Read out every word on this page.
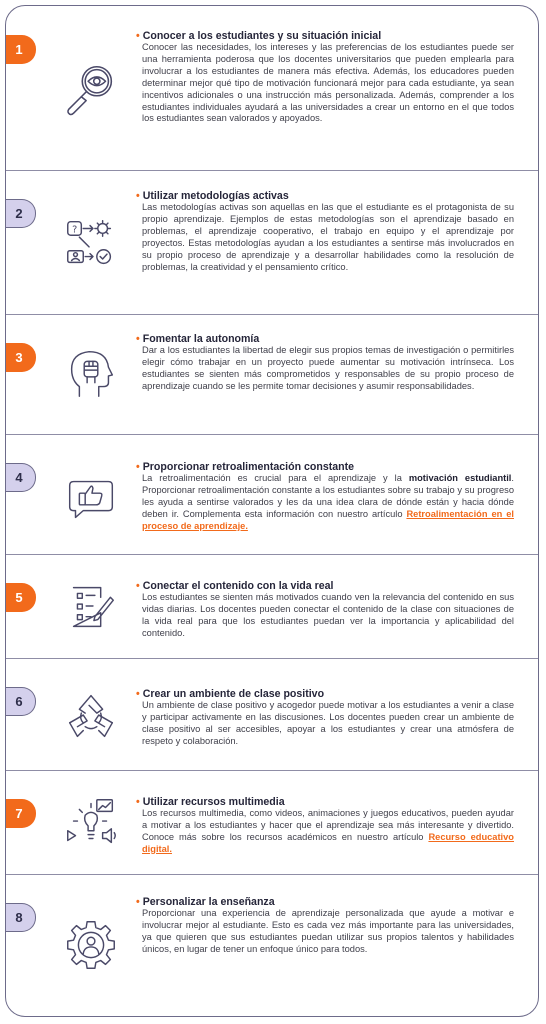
1

• Conocer a los estudiantes y su situación inicial

Conocer las necesidades, los intereses y las preferencias de los estudiantes puede ser una herramienta poderosa que los docentes universitarios que pueden emplearla para involucrar a los estudiantes de manera más efectiva. Además, los educadores pueden determinar mejor qué tipo de motivación funcionará mejor para cada estudiante, ya sean incentivos adicionales o una instrucción más personalizada. Además, comprender a los estudiantes individuales ayudará a las universidades a crear un entorno en el que todos los estudiantes sean valorados y apoyados.

2
?

• Utilizar metodologías activas

Las metodologías activas son aquellas en las que el estudiante es el protagonista de su propio aprendizaje. Ejemplos de estas metodologías son el aprendizaje basado en problemas, el aprendizaje cooperativo, el trabajo en equipo y el aprendizaje por proyectos. Estas metodologías ayudan a los estudiantes a sentirse más involucrados en su propio proceso de aprendizaje y a desarrollar habilidades como la resolución de problemas, la creatividad y el pensamiento crítico.

3

• Fomentar la autonomía

Dar a los estudiantes la libertad de elegir sus propios temas de investigación o permitirles elegir cómo trabajar en un proyecto puede aumentar su motivación intrínseca. Los estudiantes se sienten más comprometidos y responsables de su propio proceso de aprendizaje cuando se les permite tomar decisiones y asumir responsabilidades.

4

• Proporcionar retroalimentación constante

La retroalimentación es crucial para el aprendizaje y la motivación estudiantil. Proporcionar retroalimentación constante a los estudiantes sobre su trabajo y su progreso les ayuda a sentirse valorados y les da una idea clara de dónde están y hacia dónde deben ir. Complementa esta información con nuestro artículo Retroalimentación en el proceso de aprendizaje.

5

• Conectar el contenido con la vida real

Los estudiantes se sienten más motivados cuando ven la relevancia del contenido en sus vidas diarias. Los docentes pueden conectar el contenido de la clase con situaciones de la vida real para que los estudiantes puedan ver la importancia y aplicabilidad del contenido.

6	• Crear un ambiente de clase positivo

Un ambiente de clase positivo y acogedor puede motivar a los estudiantes a venir a clase y participar activamente en las discusiones. Los docentes pueden crear un ambiente de clase positivo al ser accesibles, apoyar a los estudiantes y crear una atmósfera de respeto y colaboración.

7

• Utilizar recursos multimedia

Los recursos multimedia, como videos, animaciones y juegos educativos, pueden ayudar a motivar a los estudiantes y hacer que el aprendizaje sea más interesante y divertido. Conoce más sobre los recursos académicos en nuestro artículo Recurso educativo digital.

8

• Personalizar la enseñanza

Proporcionar una experiencia de aprendizaje personalizada que ayude a motivar e involucrar mejor al estudiante. Esto es cada vez más importante para las universidades, ya que quieren que sus estudiantes puedan utilizar sus propios talentos y habilidades únicos, en lugar de tener un enfoque único para todos.
